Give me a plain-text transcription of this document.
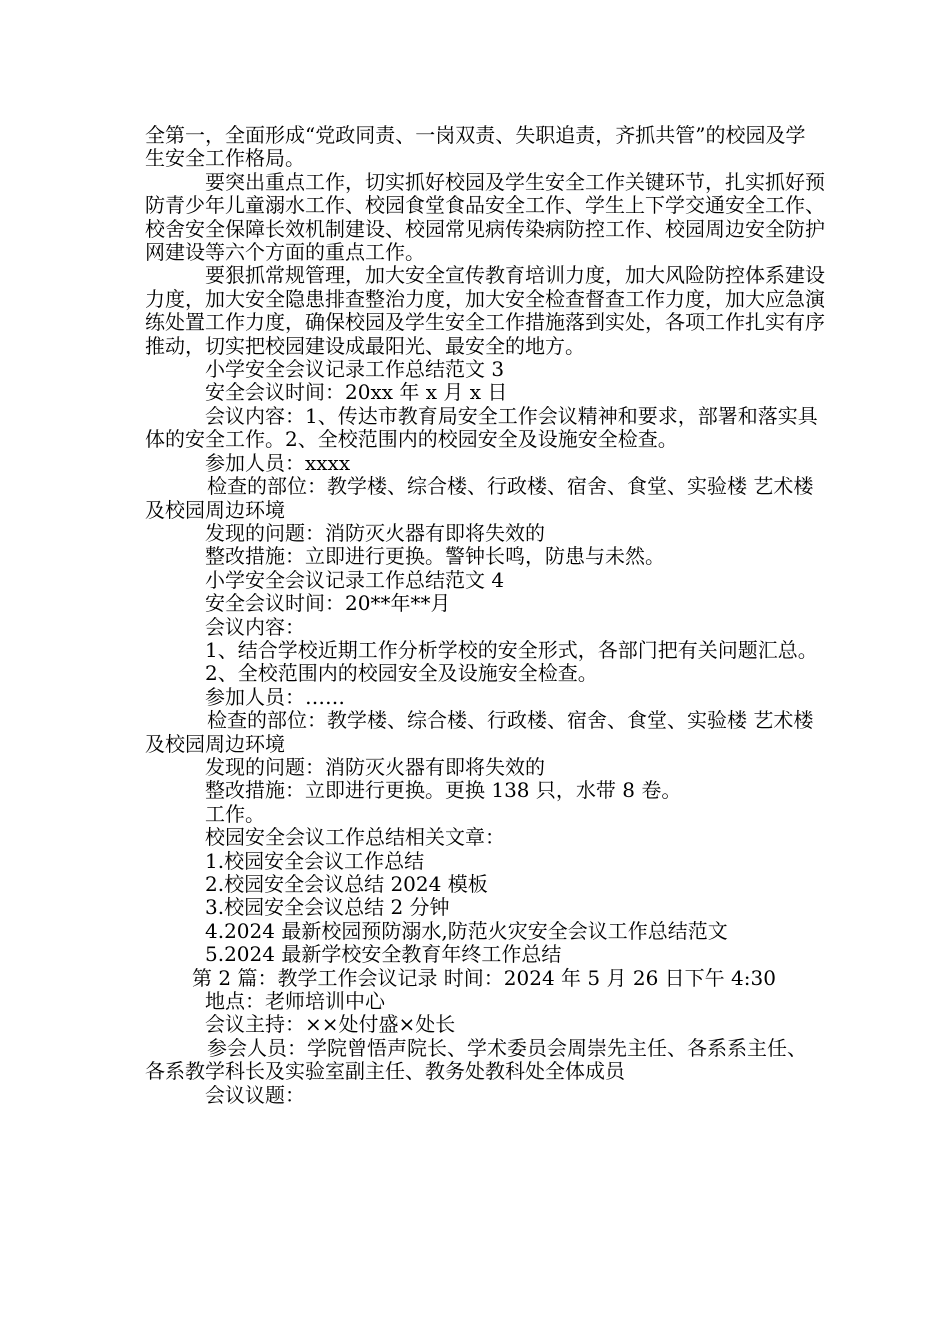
全第一，全面形成“党政同责、一岗双责、失职追责，齐抓共管”的校园及学生安全工作格局。

要突出重点工作，切实抓好校园及学生安全工作关键环节，扎实抓好预防青少年儿童溺水工作、校园食堂食品安全工作、学生上下学交通安全工作、校舍安全保障长效机制建设、校园常见病传染病防控工作、校园周边安全防护网建设等六个方面的重点工作。

要狠抓常规管理，加大安全宣传教育培训力度，加大风险防控体系建设力度，加大安全隐患排查整治力度，加大安全检查督查工作力度，加大应急演练处置工作力度，确保校园及学生安全工作措施落到实处，各项工作扎实有序推动，切实把校园建设成最阳光、最安全的地方。

小学安全会议记录工作总结范文 3

安全会议时间：20xx 年 x 月 x 日

会议内容：1、传达市教育局安全工作会议精神和要求，部署和落实具体的安全工作。2、全校范围内的校园安全及设施安全检查。

参加人员：xxxx

检查的部位：教学楼、综合楼、行政楼、宿舍、食堂、实验楼 艺术楼及校园周边环境

发现的问题：消防灭火器有即将失效的

整改措施：立即进行更换。警钟长鸣，防患与未然。

小学安全会议记录工作总结范文 4

安全会议时间：20**年**月

会议内容：

1、结合学校近期工作分析学校的安全形式，各部门把有关问题汇总。

2、全校范围内的校园安全及设施安全检查。

参加人员：……

检查的部位：教学楼、综合楼、行政楼、宿舍、食堂、实验楼 艺术楼及校园周边环境

发现的问题：消防灭火器有即将失效的

整改措施：立即进行更换。更换 138 只，水带 8 卷。

工作。

校园安全会议工作总结相关文章：

1.校园安全会议工作总结

2.校园安全会议总结 2024 模板

3.校园安全会议总结 2 分钟

4.2024 最新校园预防溺水,防范火灾安全会议工作总结范文

5.2024 最新学校安全教育年终工作总结

第 2 篇：教学工作会议记录 时间：2024 年 5 月 26 日下午 4:30

地点：老师培训中心

会议主持：××处付盛×处长

参会人员：学院曾悟声院长、学术委员会周崇先主任、各系系主任、各系教学科长及实验室副主任、教务处教科处全体成员

会议议题：
